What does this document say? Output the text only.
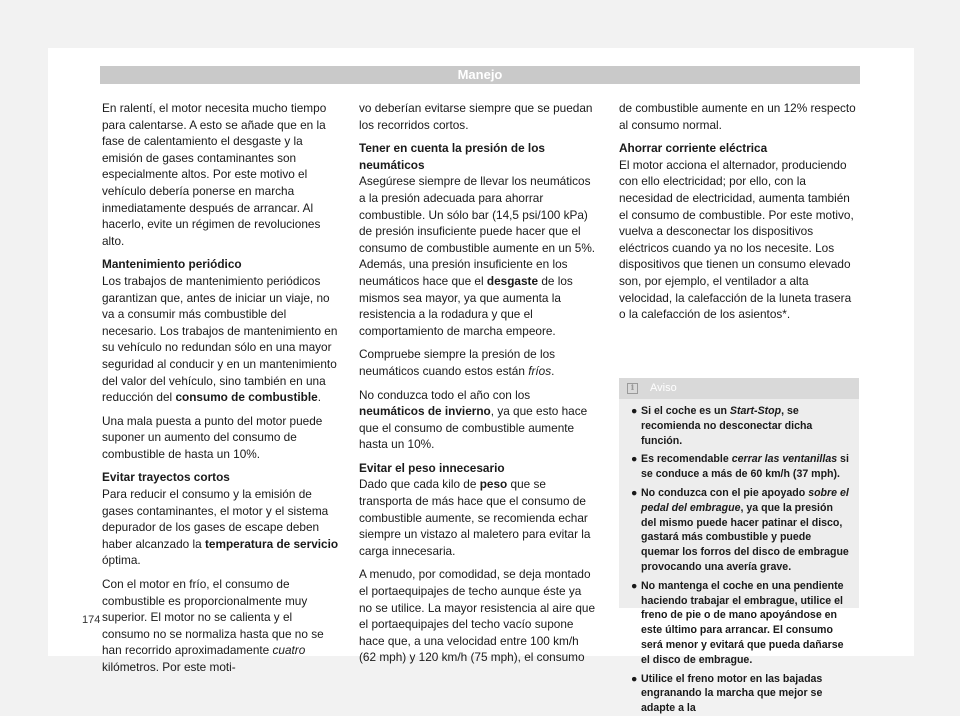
Manejo

En ralentí, el motor necesita mucho tiempo para calentarse. A esto se añade que en la fase de calentamiento el desgaste y la emisión de gases contaminantes son especialmente altos. Por este motivo el vehículo debería ponerse en marcha inmediatamente después de arrancar. Al hacerlo, evite un régimen de revoluciones alto.

Mantenimiento periódico

Los trabajos de mantenimiento periódicos garantizan que, antes de iniciar un viaje, no va a consumir más combustible del necesario. Los trabajos de mantenimiento en su vehículo no redundan sólo en una mayor seguridad al conducir y en un mantenimiento del valor del vehículo, sino también en una reducción del consumo de combustible.

Una mala puesta a punto del motor puede suponer un aumento del consumo de combustible de hasta un 10%.

Evitar trayectos cortos

Para reducir el consumo y la emisión de gases contaminantes, el motor y el sistema depurador de los gases de escape deben haber alcanzado la temperatura de servicio óptima.

Con el motor en frío, el consumo de combustible es proporcionalmente muy superior. El motor no se calienta y el consumo no se normaliza hasta que no se han recorrido aproximadamente cuatro kilómetros. Por este moti-

vo deberían evitarse siempre que se puedan los recorridos cortos.

Tener en cuenta la presión de los neumáticos

Asegúrese siempre de llevar los neumáticos a la presión adecuada para ahorrar combustible. Un sólo bar (14,5 psi/100 kPa) de presión insuficiente puede hacer que el consumo de combustible aumente en un 5%. Además, una presión insuficiente en los neumáticos hace que el desgaste de los mismos sea mayor, ya que aumenta la resistencia a la rodadura y que el comportamiento de marcha empeore.

Compruebe siempre la presión de los neumáticos cuando estos están fríos.

No conduzca todo el año con los neumáticos de invierno, ya que esto hace que el consumo de combustible aumente hasta un 10%.

Evitar el peso innecesario

Dado que cada kilo de peso que se transporta de más hace que el consumo de combustible aumente, se recomienda echar siempre un vistazo al maletero para evitar la carga innecesaria.

A menudo, por comodidad, se deja montado el portaequipajes de techo aunque éste ya no se utilice. La mayor resistencia al aire que el portaequipajes del techo vacío supone hace que, a una velocidad entre 100 km/h (62 mph) y 120 km/h (75 mph), el consumo

de combustible aumente en un 12% respecto al consumo normal.

Ahorrar corriente eléctrica

El motor acciona el alternador, produciendo con ello electricidad; por ello, con la necesidad de electricidad, aumenta también el consumo de combustible. Por este motivo, vuelva a desconectar los dispositivos eléctricos cuando ya no los necesite. Los dispositivos que tienen un consumo elevado son, por ejemplo, el ventilador a alta velocidad, la calefacción de la luneta trasera o la calefacción de los asientos*.

i	Aviso
● Si el coche es un Start-Stop, se recomienda no desconectar dicha función.
● Es recomendable cerrar las ventanillas si se conduce a más de 60 km/h (37 mph).
● No conduzca con el pie apoyado sobre el pedal del embrague, ya que la presión del mismo puede hacer patinar el disco, gastará más combustible y puede quemar los forros del disco de embrague provocando una avería grave.
● No mantenga el coche en una pendiente haciendo trabajar el embrague, utilice el freno de pie o de mano apoyándose en este último para arrancar. El consumo será menor y evitará que pueda dañarse el disco de embrague.
● Utilice el freno motor en las bajadas engranando la marcha que mejor se adapte a la
174
